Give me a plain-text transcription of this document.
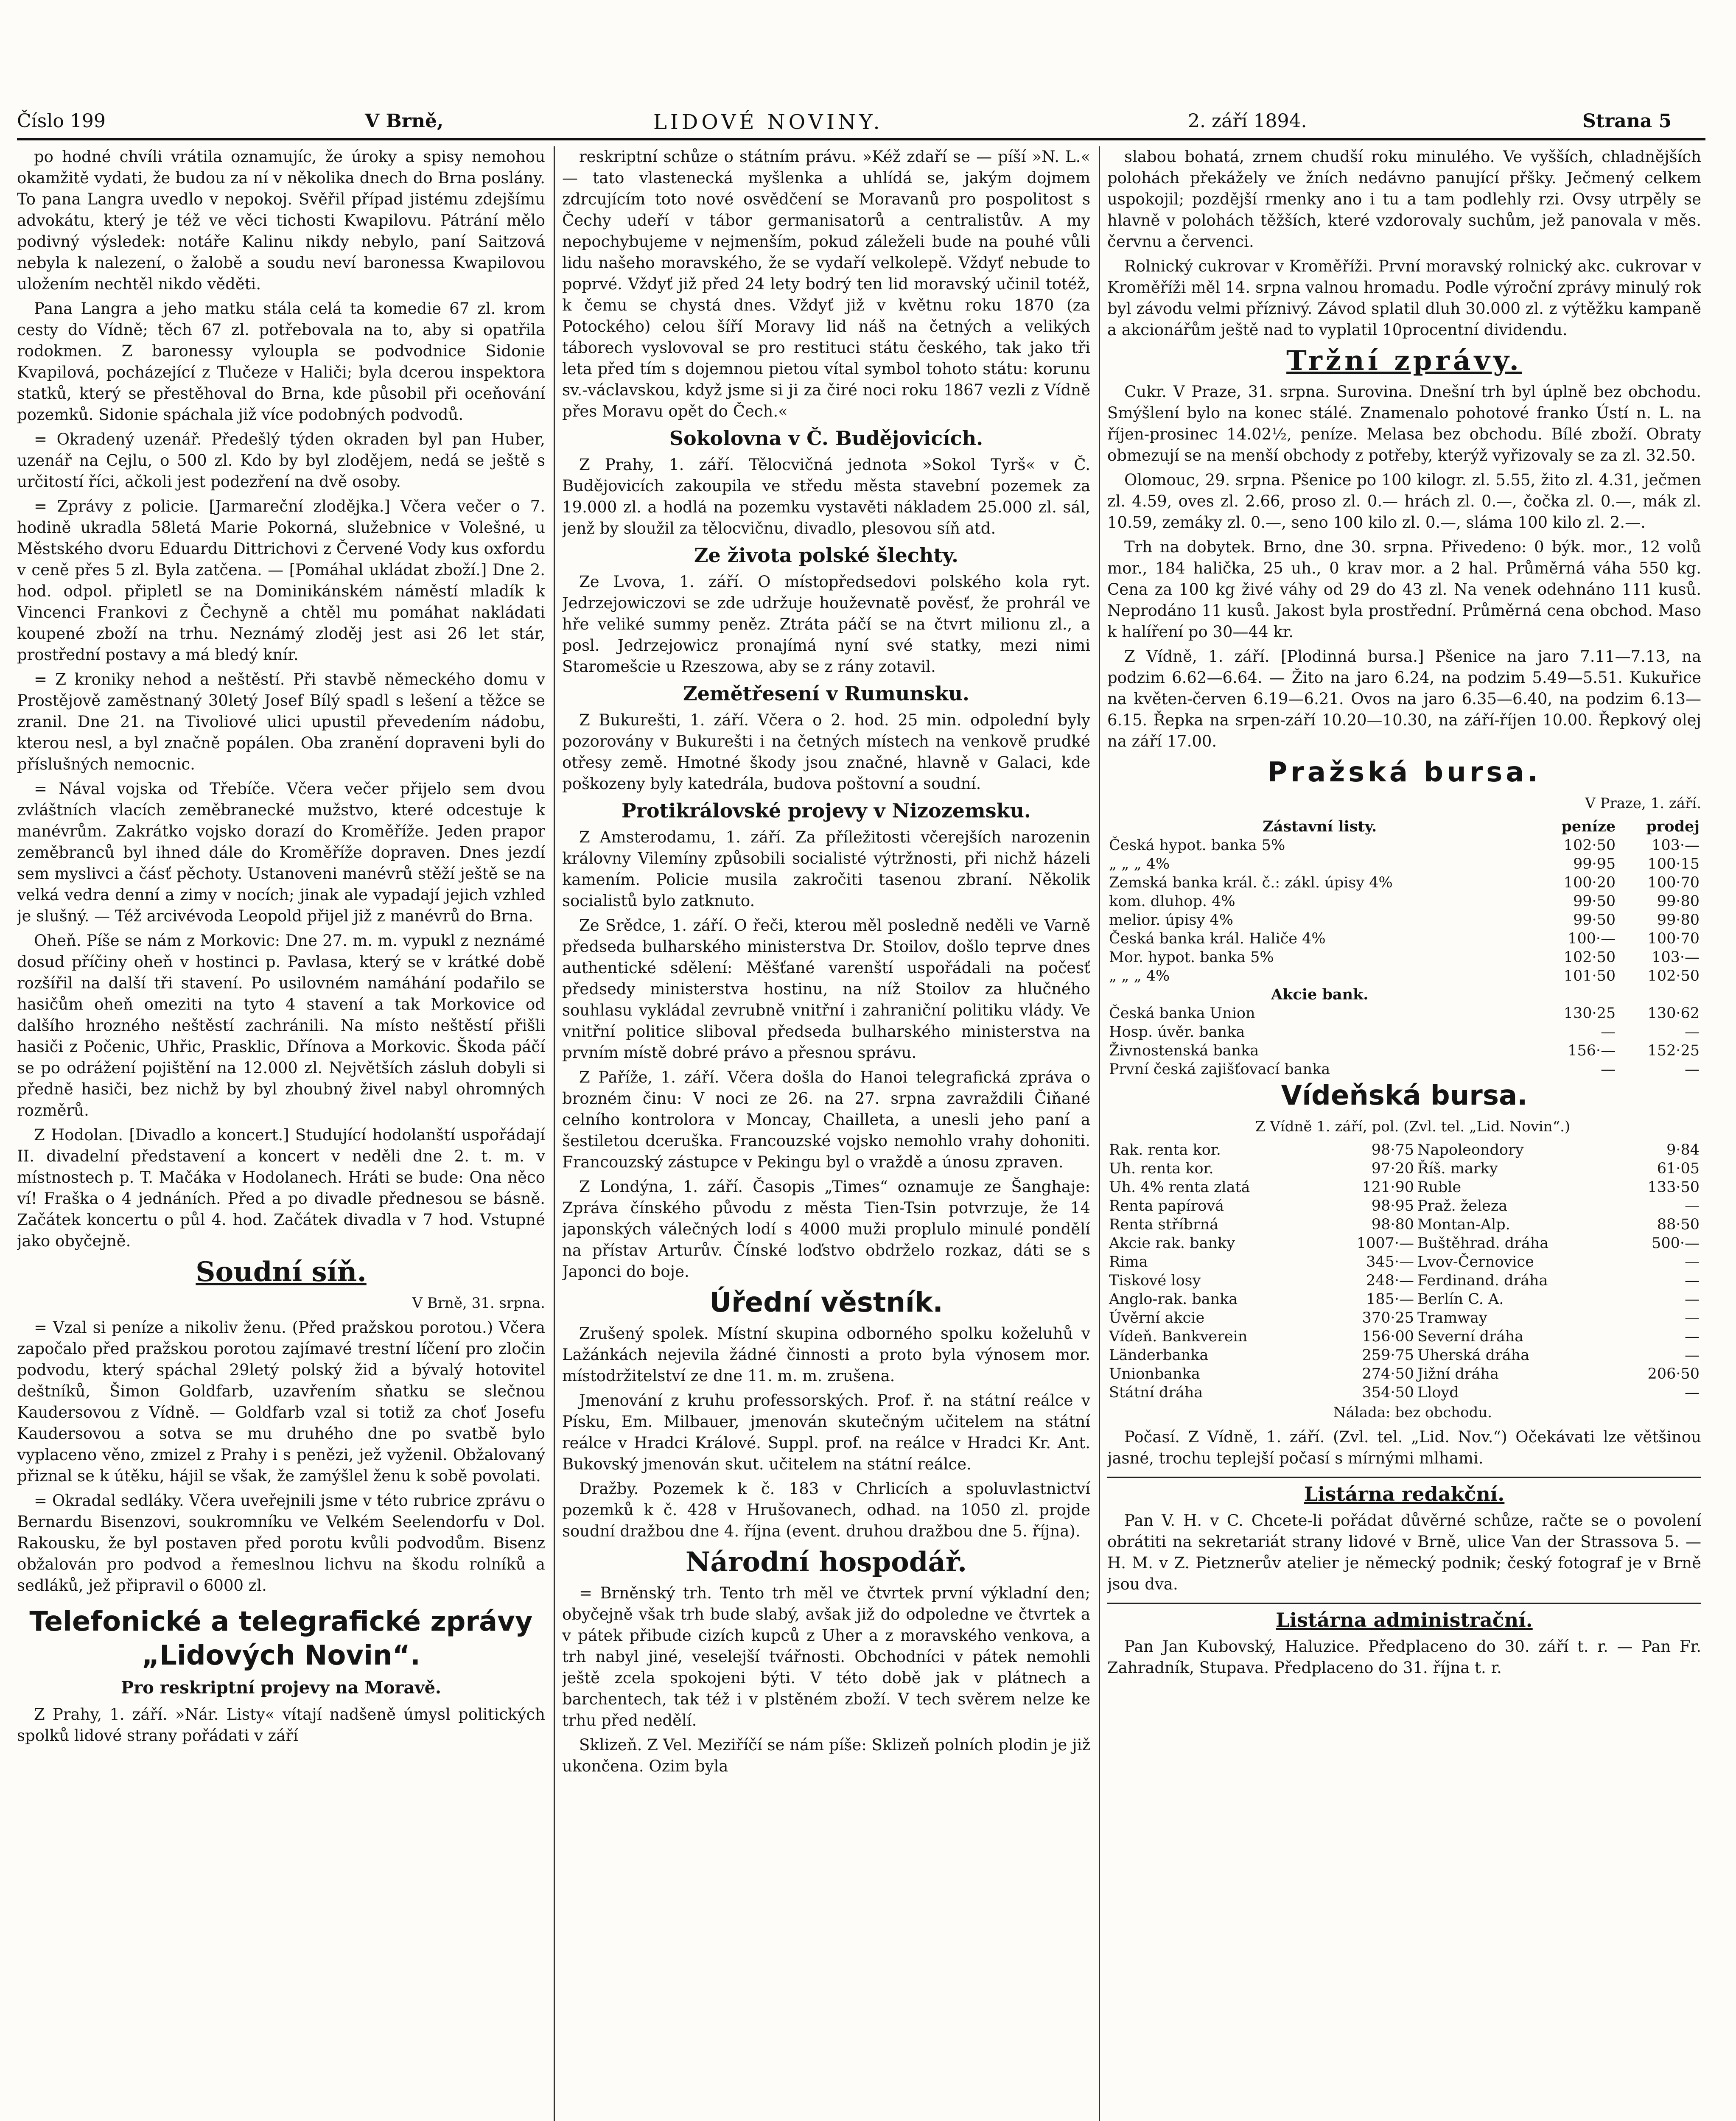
Číslo 199	V Brně,	LIDOVÉ NOVINY.	2. září 1894.	Strana 5

po hodné chvíli vrátila oznamujíc, že úroky a spisy nemohou okamžitě vydati, že budou za ní v několika dnech do Brna poslány. To pana Langra uvedlo v nepokoj. Svěřil případ jistému zdejšímu advokátu, který je též ve věci tichosti Kwapilovu. Pátrání mělo podivný výsledek: notáře Kalinu nikdy nebylo, paní Saitzová nebyla k nalezení, o žalobě a soudu neví baronessa Kwapilovou uložením nechtěl nikdo věděti.

Pana Langra a jeho matku stála celá ta komedie 67 zl. krom cesty do Vídně; těch 67 zl. potřebovala na to, aby si opatřila rodokmen. Z baronessy vyloupla se podvodnice Sidonie Kvapilová, pocházející z Tlučeze v Haliči; byla dcerou inspektora statků, který se přestěhoval do Brna, kde působil při oceňování pozemků. Sidonie spáchala již více podobných podvodů.

= Okradený uzenář. Předešlý týden okraden byl pan Huber, uzenář na Cejlu, o 500 zl. Kdo by byl zlodějem, nedá se ještě s určitostí říci, ačkoli jest podezření na dvě osoby.

= Zprávy z policie. [Jarmareční zlodějka.] Včera večer o 7. hodině ukradla 58letá Marie Pokorná, služebnice v Volešné, u Městského dvoru Eduardu Dittrichovi z Červené Vody kus oxfordu v ceně přes 5 zl. Byla zatčena. — [Pomáhal ukládat zboží.] Dne 2. hod. odpol. připletl se na Dominikánském náměstí mladík k Vincenci Frankovi z Čechyně a chtěl mu pomáhat nakládati koupené zboží na trhu. Neznámý zloděj jest asi 26 let stár, prostřední postavy a má bledý knír.

= Z kroniky nehod a neštěstí. Při stavbě německého domu v Prostějově zaměstnaný 30letý Josef Bílý spadl s lešení a těžce se zranil. Dne 21. na Tivoliové ulici upustil převedením nádobu, kterou nesl, a byl značně popálen. Oba zranění dopraveni byli do příslušných nemocnic.

= Nával vojska od Třebíče. Včera večer přijelo sem dvou zvláštních vlacích zeměbranecké mužstvo, které odcestuje k manévrům. Zakrátko vojsko dorazí do Kroměříže. Jeden prapor zeměbranců byl ihned dále do Kroměříže dopraven. Dnes jezdí sem myslivci a čásť pěchoty. Ustanoveni manévrů stěží ještě se na velká vedra denní a zimy v nocích; jinak ale vypadají jejich vzhled je slušný. — Též arcivévoda Leopold přijel již z manévrů do Brna.

Oheň. Píše se nám z Morkovic: Dne 27. m. m. vypukl z neznámé dosud příčiny oheň v hostinci p. Pavlasa, který se v krátké době rozšířil na další tři stavení. Po usilovném namáhání podařilo se hasičům oheň omeziti na tyto 4 stavení a tak Morkovice od dalšího hrozného neštěstí zachránili. Na místo neštěstí přišli hasiči z Počenic, Uhřic, Prasklic, Dřínova a Morkovic. Škoda páčí se po odrážení pojištění na 12.000 zl. Největších zásluh dobyli si předně hasiči, bez nichž by byl zhoubný živel nabyl ohromných rozměrů.

Z Hodolan. [Divadlo a koncert.] Studující hodolanští uspořádají II. divadelní představení a koncert v neděli dne 2. t. m. v místnostech p. T. Mačáka v Hodolanech. Hráti se bude: Ona něco ví! Fraška o 4 jednáních. Před a po divadle přednesou se básně. Začátek koncertu o půl 4. hod. Začátek divadla v 7 hod. Vstupné jako obyčejně.

Soudní síň.

V Brně, 31. srpna.

= Vzal si peníze a nikoliv ženu. (Před pražskou porotou.) Včera započalo před pražskou porotou zajímavé trestní líčení pro zločin podvodu, který spáchal 29letý polský žid a bývalý hotovitel deštníků, Šimon Goldfarb, uzavřením sňatku se slečnou Kaudersovou z Vídně. — Goldfarb vzal si totiž za choť Josefu Kaudersovou a sotva se mu druhého dne po svatbě bylo vyplaceno věno, zmizel z Prahy i s penězi, jež vyženil. Obžalovaný přiznal se k útěku, hájil se však, že zamýšlel ženu k sobě povolati.

= Okradal sedláky. Včera uveřejnili jsme v této rubrice zprávu o Bernardu Bisenzovi, soukromníku ve Velkém Seelendorfu v Dol. Rakousku, že byl postaven před porotu kvůli podvodům. Bisenz obžalován pro podvod a řemeslnou lichvu na škodu rolníků a sedláků, jež připravil o 6000 zl.

Telefonické a telegrafické zprávy „Lidových Novin“.

Pro reskriptní projevy na Moravě.

Z Prahy, 1. září. »Nár. Listy« vítají nadšeně úmysl politických spolků lidové strany pořádati v září

reskriptní schůze o státním právu. »Kéž zdaří se — píší »N. L.« — tato vlastenecká myšlenka a uhlídá se, jakým dojmem zdrcujícím toto nové osvědčení se Moravanů pro pospolitost s Čechy udeří v tábor germanisatorů a centralistův. A my nepochybujeme v nejmenším, pokud záleželi bude na pouhé vůli lidu našeho moravského, že se vydaří velkolepě. Vždyť nebude to poprvé. Vždyť již před 24 lety bodrý ten lid moravský učinil totéž, k čemu se chystá dnes. Vždyť již v květnu roku 1870 (za Potockého) celou šíří Moravy lid náš na četných a velikých táborech vyslovoval se pro restituci státu českého, tak jako tři leta před tím s dojemnou pietou vítal symbol tohoto státu: korunu sv.-václavskou, když jsme si ji za čiré noci roku 1867 vezli z Vídně přes Moravu opět do Čech.«

Sokolovna v Č. Budějovicích.

Z Prahy, 1. září. Tělocvičná jednota »Sokol Tyrš« v Č. Budějovicích zakoupila ve středu města stavební pozemek za 19.000 zl. a hodlá na pozemku vystavěti nákladem 25.000 zl. sál, jenž by sloužil za tělocvičnu, divadlo, plesovou síň atd.

Ze života polské šlechty.

Ze Lvova, 1. září. O místopředsedovi polského kola ryt. Jedrzejowiczovi se zde udržuje houževnatě pověsť, že prohrál ve hře veliké summy peněz. Ztráta páčí se na čtvrt milionu zl., a posl. Jedrzejowicz pronajímá nyní své statky, mezi nimi Staromešcie u Rzeszowa, aby se z rány zotavil.

Zemětřesení v Rumunsku.

Z Bukurešti, 1. září. Včera o 2. hod. 25 min. odpolední byly pozorovány v Bukurešti i na četných místech na venkově prudké otřesy země. Hmotné škody jsou značné, hlavně v Galaci, kde poškozeny byly katedrála, budova poštovní a soudní.

Protikrálovské projevy v Nizozemsku.

Z Amsterodamu, 1. září. Za příležitosti včerejších narozenin královny Vilemíny způsobili socialisté výtržnosti, při nichž házeli kamením. Policie musila zakročiti tasenou zbraní. Několik socialistů bylo zatknuto.

Ze Srědce, 1. září. O řeči, kterou měl posledně neděli ve Varně předseda bulharského ministerstva Dr. Stoilov, došlo teprve dnes authentické sdělení: Měšťané varenští uspořádali na počesť předsedy ministerstva hostinu, na níž Stoilov za hlučného souhlasu vykládal zevrubně vnitřní i zahraniční politiku vlády. Ve vnitřní politice sliboval předseda bulharského ministerstva na prvním místě dobré právo a přesnou správu.

Z Paříže, 1. září. Včera došla do Hanoi telegrafická zpráva o brozném činu: V noci ze 26. na 27. srpna zavraždili Čiňané celního kontrolora v Moncay, Chailleta, a unesli jeho paní a šestiletou dceruška. Francouzské vojsko nemohlo vrahy dohoniti. Francouzský zástupce v Pekingu byl o vraždě a únosu zpraven.

Z Londýna, 1. září. Časopis „Times“ oznamuje ze Šanghaje: Zpráva čínského původu z města Tien-Tsin potvrzuje, že 14 japonských válečných lodí s 4000 muži proplulo minulé pondělí na přístav Arturův. Čínské loďstvo obdrželo rozkaz, dáti se s Japonci do boje.

Úřední věstník.

Zrušený spolek. Místní skupina odborného spolku koželuhů v Lažánkách nejevila žádné činnosti a proto byla výnosem mor. místodržitelství ze dne 11. m. m. zrušena.

Jmenování z kruhu professorských. Prof. ř. na státní reálce v Písku, Em. Milbauer, jmenován skutečným učitelem na státní reálce v Hradci Králové. Suppl. prof. na reálce v Hradci Kr. Ant. Bukovský jmenován skut. učitelem na státní reálce.

Dražby. Pozemek k č. 183 v Chrlicích a spoluvlastnictví pozemků k č. 428 v Hrušovanech, odhad. na 1050 zl. projde soudní dražbou dne 4. října (event. druhou dražbou dne 5. října).

Národní hospodář.

= Brněnský trh. Tento trh měl ve čtvrtek první výkladní den; obyčejně však trh bude slabý, avšak již do odpoledne ve čtvrtek a v pátek přibude cizích kupců z Uher a z moravského venkova, a trh nabyl jiné, veselejší tvářnosti. Obchodníci v pátek nemohli ještě zcela spokojeni býti. V této době jak v plátnech a barchentech, tak též i v plstěném zboží. V tech svěrem nelze ke trhu před nedělí.

Sklizeň. Z Vel. Meziříčí se nám píše: Sklizeň polních plodin je již ukončena. Ozim byla

slabou bohatá, zrnem chudší roku minulého. Ve vyšších, chladnějších polohách překážely ve žních nedávno panující přšky. Ječmený celkem uspokojil; pozdější rmenky ano i tu a tam podlehly rzi. Ovsy utrpěly se hlavně v polohách těžších, které vzdorovaly suchům, jež panovala v měs. červnu a červenci.

Rolnický cukrovar v Kroměříži. První moravský rolnický akc. cukrovar v Kroměříži měl 14. srpna valnou hromadu. Podle výroční zprávy minulý rok byl závodu velmi příznivý. Závod splatil dluh 30.000 zl. z výtěžku kampaně a akcionářům ještě nad to vyplatil 10procentní dividendu.

Tržní zprávy.

Cukr. V Praze, 31. srpna. Surovina. Dnešní trh byl úplně bez obchodu. Smýšlení bylo na konec stálé. Znamenalo pohotové franko Ústí n. L. na říjen-prosinec 14.02½, peníze. Melasa bez obchodu. Bílé zboží. Obraty obmezují se na menší obchody z potřeby, kterýž vyřizovaly se za zl. 32.50.

Olomouc, 29. srpna. Pšenice po 100 kilogr. zl. 5.55, žito zl. 4.31, ječmen zl. 4.59, oves zl. 2.66, proso zl. 0.— hrách zl. 0.—, čočka zl. 0.—, mák zl. 10.59, zemáky zl. 0.—, seno 100 kilo zl. 0.—, sláma 100 kilo zl. 2.—.

Trh na dobytek. Brno, dne 30. srpna. Přivedeno: 0 býk. mor., 12 volů mor., 184 halička, 25 uh., 0 krav mor. a 2 hal. Průměrná váha 550 kg. Cena za 100 kg živé váhy od 29 do 43 zl. Na venek odehnáno 111 kusů. Neprodáno 11 kusů. Jakost byla prostřední. Průměrná cena obchod. Maso k halíření po 30—44 kr.

Z Vídně, 1. září. [Plodinná bursa.] Pšenice na jaro 7.11—7.13, na podzim 6.62—6.64. — Žito na jaro 6.24, na podzim 5.49—5.51. Kukuřice na květen-červen 6.19—6.21. Ovos na jaro 6.35—6.40, na podzim 6.13—6.15. Řepka na srpen-září 10.20—10.30, na září-říjen 10.00. Řepkový olej na září 17.00.

Pražská bursa.

V Praze, 1. září.

Zástavní listy.	peníze	prodej
Česká hypot. banka 5%	102·50	103·—
„ „ „ 4%	99·95	100·15
Zemská banka král. č.: zákl. úpisy 4%	100·20	100·70
kom. dluhop. 4%	99·50	99·80
melior. úpisy 4%	99·50	99·80
Česká banka král. Haliče 4%	100·—	100·70
Mor. hypot. banka 5%	102·50	103·—
„ „ „ 4%	101·50	102·50
Akcie bank.		
Česká banka Union	130·25	130·62
Hosp. úvěr. banka	—	—
Živnostenská banka	156·—	152·25
První česká zajišťovací banka	—	—

Vídeňská bursa.

Z Vídně 1. září, pol. (Zvl. tel. „Lid. Novin“.)

Rak. renta kor.	98·75	Napoleondory	9·84
Uh. renta kor.	97·20	Říš. marky	61·05
Uh. 4% renta zlatá	121·90	Ruble	133·50
Renta papírová	98·95	Praž. železa	—
Renta stříbrná	98·80	Montan-Alp.	88·50
Akcie rak. banky	1007·—	Buštěhrad. dráha	500·—
Rima	345·—	Lvov-Černovice	—
Tiskové losy	248·—	Ferdinand. dráha	—
Anglo-rak. banka	185·—	Berlín C. A.	—
Úvěrní akcie	370·25	Tramway	—
Vídeň. Bankverein	156·00	Severní dráha	—
Länderbanka	259·75	Uherská dráha	—
Unionbanka	274·50	Jižní dráha	206·50
Státní dráha	354·50	Lloyd	—

Nálada: bez obchodu.

Počasí. Z Vídně, 1. září. (Zvl. tel. „Lid. Nov.“) Očekávati lze většinou jasné, trochu teplejší počasí s mírnými mlhami.

Listárna redakční.

Pan V. H. v C. Chcete-li pořádat důvěrné schůze, račte se o povolení obrátiti na sekretariát strany lidové v Brně, ulice Van der Strassova 5. — H. M. v Z. Pietznerův atelier je německý podnik; český fotograf je v Brně jsou dva.

Listárna administrační.

Pan Jan Kubovský, Haluzice. Předplaceno do 30. září t. r. — Pan Fr. Zahradník, Stupava. Předplaceno do 31. října t. r.
